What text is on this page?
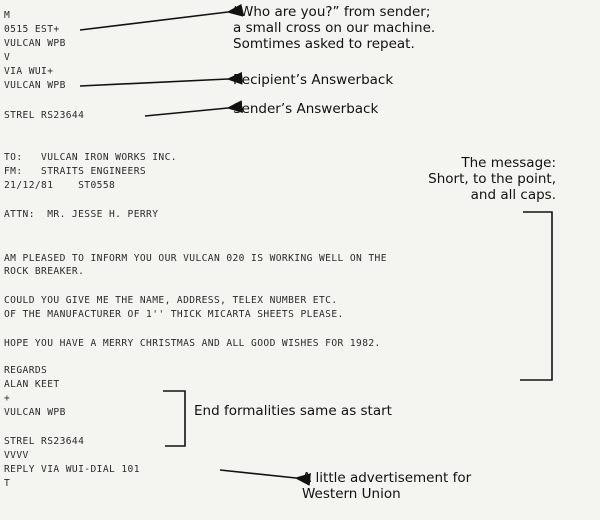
M
0515 EST+
VULCAN WPB
V
VIA WUI+
VULCAN WPB
STREL RS23644
TO:   VULCAN IRON WORKS INC.
FM:   STRAITS ENGINEERS
21/12/81    ST0558
ATTN:  MR. JESSE H. PERRY
AM PLEASED TO INFORM YOU OUR VULCAN 020 IS WORKING WELL ON THE
ROCK BREAKER.
COULD YOU GIVE ME THE NAME, ADDRESS, TELEX NUMBER ETC.
OF THE MANUFACTURER OF 1'' THICK MICARTA SHEETS PLEASE.
HOPE YOU HAVE A MERRY CHRISTMAS AND ALL GOOD WISHES FOR 1982.
REGARDS
ALAN KEET
+
VULCAN WPB
STREL RS23644
VVVV
REPLY VIA WUI-DIAL 101
T
“Who are you?” from sender;
a small cross on our machine.
Somtimes asked to repeat.
Recipient’s Answerback
Sender’s Answerback
The message:
Short, to the point,
and all caps.
End formalities same as start
A little advertisement for
Western Union
